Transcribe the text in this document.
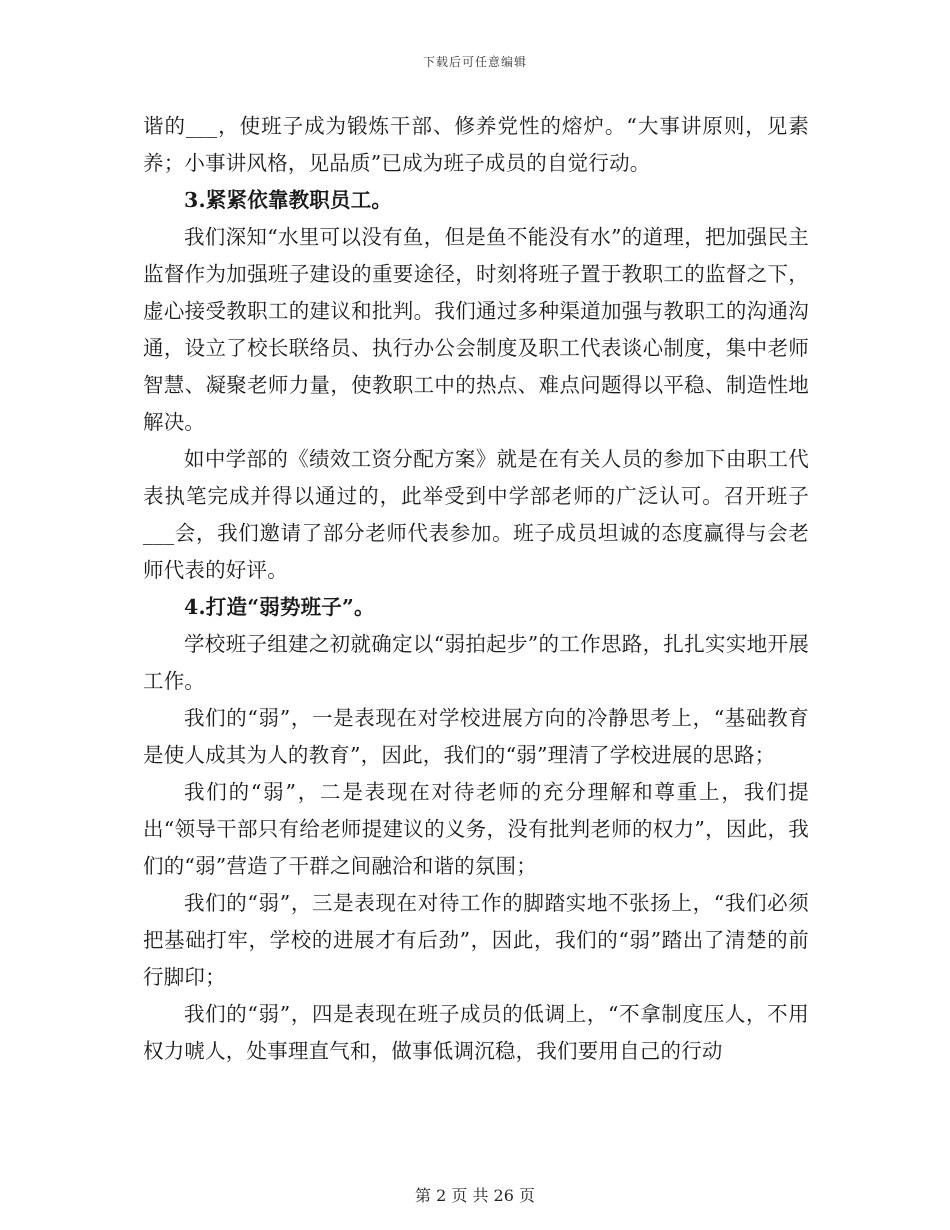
下载后可任意编辑

谐的___，使班子成为锻炼干部、修养党性的熔炉。“大事讲原则，见素养；小事讲风格，见品质”已成为班子成员的自觉行动。

3.紧紧依靠教职员工。

我们深知“水里可以没有鱼，但是鱼不能没有水”的道理，把加强民主监督作为加强班子建设的重要途径，时刻将班子置于教职工的监督之下，虚心接受教职工的建议和批判。我们通过多种渠道加强与教职工的沟通沟通，设立了校长联络员、执行办公会制度及职工代表谈心制度，集中老师智慧、凝聚老师力量，使教职工中的热点、难点问题得以平稳、制造性地解决。

如中学部的《绩效工资分配方案》就是在有关人员的参加下由职工代表执笔完成并得以通过的，此举受到中学部老师的广泛认可。召开班子___会，我们邀请了部分老师代表参加。班子成员坦诚的态度赢得与会老师代表的好评。

4.打造“弱势班子”。

学校班子组建之初就确定以“弱拍起步”的工作思路，扎扎实实地开展工作。

我们的“弱”，一是表现在对学校进展方向的冷静思考上，“基础教育是使人成其为人的教育”，因此，我们的“弱”理清了学校进展的思路；

我们的“弱”，二是表现在对待老师的充分理解和尊重上，我们提出“领导干部只有给老师提建议的义务，没有批判老师的权力”，因此，我们的“弱”营造了干群之间融洽和谐的氛围；

我们的“弱”，三是表现在对待工作的脚踏实地不张扬上，“我们必须把基础打牢，学校的进展才有后劲”，因此，我们的“弱”踏出了清楚的前行脚印；

我们的“弱”，四是表现在班子成员的低调上，“不拿制度压人，不用权力唬人，处事理直气和，做事低调沉稳，我们要用自己的行动

第 2 页 共 26 页
